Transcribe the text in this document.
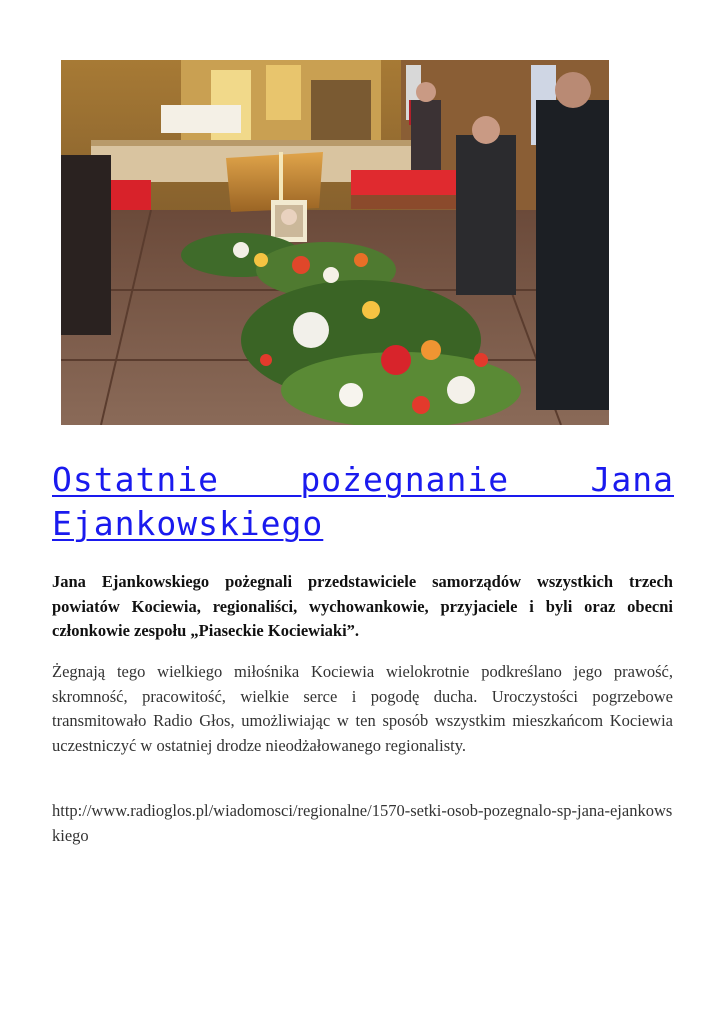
Ostatnie pożegnanie Jana Ejankowskiego

Jana Ejankowskiego pożegnali przedstawiciele samorządów wszystkich trzech powiatów Kociewia, regionaliści, wychowankowie, przyjaciele i byli oraz obecni członkowie zespołu „Piaseckie Kociewiaki”.

Żegnają tego wielkiego miłośnika Kociewia wielokrotnie podkreślano jego prawość, skromność, pracowitość, wielkie serce i pogodę ducha. Uroczystości pogrzebowe transmitowało Radio Głos, umożliwiając w ten sposób wszystkim mieszkańcom Kociewia uczestniczyć w ostatniej drodze nieodżałowanego regionalisty.

http://www.radioglos.pl/wiadomosci/regionalne/1570-setki-osob-pozegnalo-sp-jana-ejankowskiego
